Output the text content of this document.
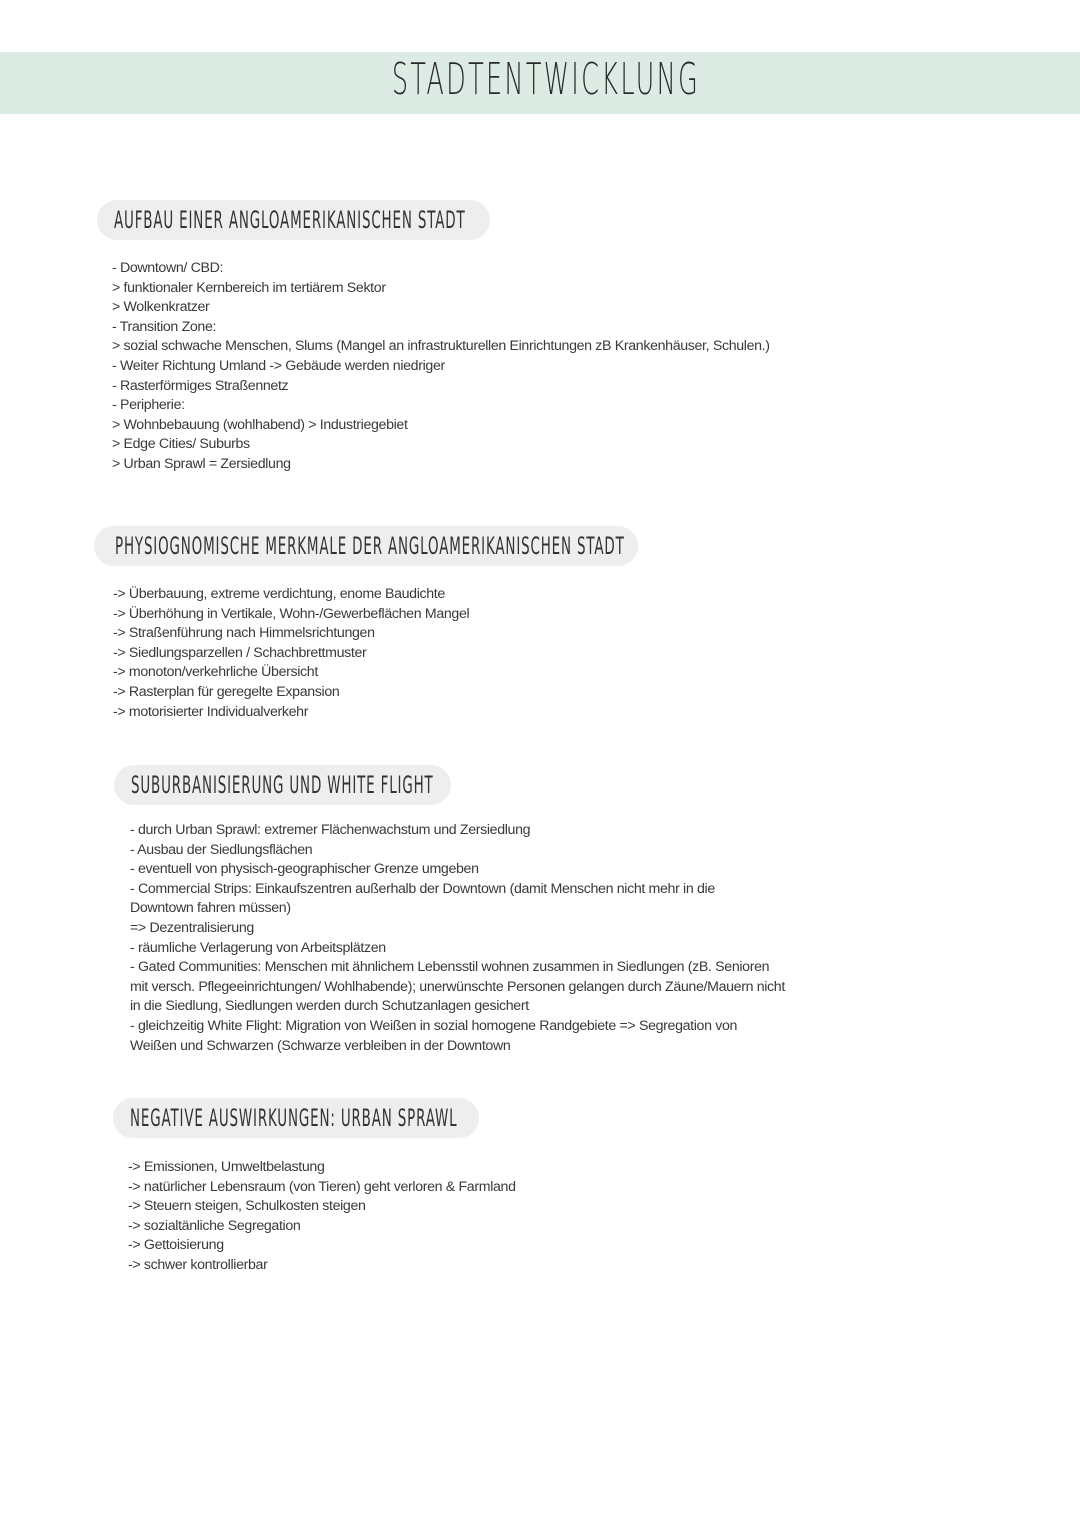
STADTENTWICKLUNG
AUFBAU EINER ANGLOAMERIKANISCHEN STADT
- Downtown/ CBD:
> funktionaler Kernbereich im tertiärem Sektor
> Wolkenkratzer
- Transition Zone:
> sozial schwache Menschen, Slums (Mangel an infrastrukturellen Einrichtungen zB Krankenhäuser, Schulen.)
- Weiter Richtung Umland -> Gebäude werden niedriger
- Rasterförmiges Straßennetz
- Peripherie:
> Wohnbebauung (wohlhabend) > Industriegebiet
> Edge Cities/ Suburbs
> Urban Sprawl = Zersiedlung
PHYSIOGNOMISCHE MERKMALE DER ANGLOAMERIKANISCHEN STADT
-> Überbauung, extreme verdichtung, enome Baudichte
-> Überhöhung in Vertikale, Wohn-/Gewerbeflächen Mangel
-> Straßenführung nach Himmelsrichtungen
-> Siedlungsparzellen / Schachbrettmuster
-> monoton/verkehrliche Übersicht
-> Rasterplan für geregelte Expansion
-> motorisierter Individualverkehr
SUBURBANISIERUNG UND WHITE FLIGHT
- durch Urban Sprawl: extremer Flächenwachstum und Zersiedlung
- Ausbau der Siedlungsflächen
- eventuell von physisch-geographischer Grenze umgeben
- Commercial Strips: Einkaufszentren außerhalb der Downtown (damit Menschen nicht mehr in die
Downtown fahren müssen)
=> Dezentralisierung
- räumliche Verlagerung von Arbeitsplätzen
- Gated Communities: Menschen mit ähnlichem Lebensstil wohnen zusammen in Siedlungen (zB. Senioren
mit versch. Pflegeeinrichtungen/ Wohlhabende); unerwünschte Personen gelangen durch Zäune/Mauern nicht
in die Siedlung, Siedlungen werden durch Schutzanlagen gesichert
- gleichzeitig White Flight: Migration von Weißen in sozial homogene Randgebiete => Segregation von
Weißen und Schwarzen (Schwarze verbleiben in der Downtown
NEGATIVE AUSWIRKUNGEN: URBAN SPRAWL
-> Emissionen, Umweltbelastung
-> natürlicher Lebensraum (von Tieren) geht verloren & Farmland
-> Steuern steigen, Schulkosten steigen
-> sozialtänliche Segregation
-> Gettoisierung
-> schwer kontrollierbar
